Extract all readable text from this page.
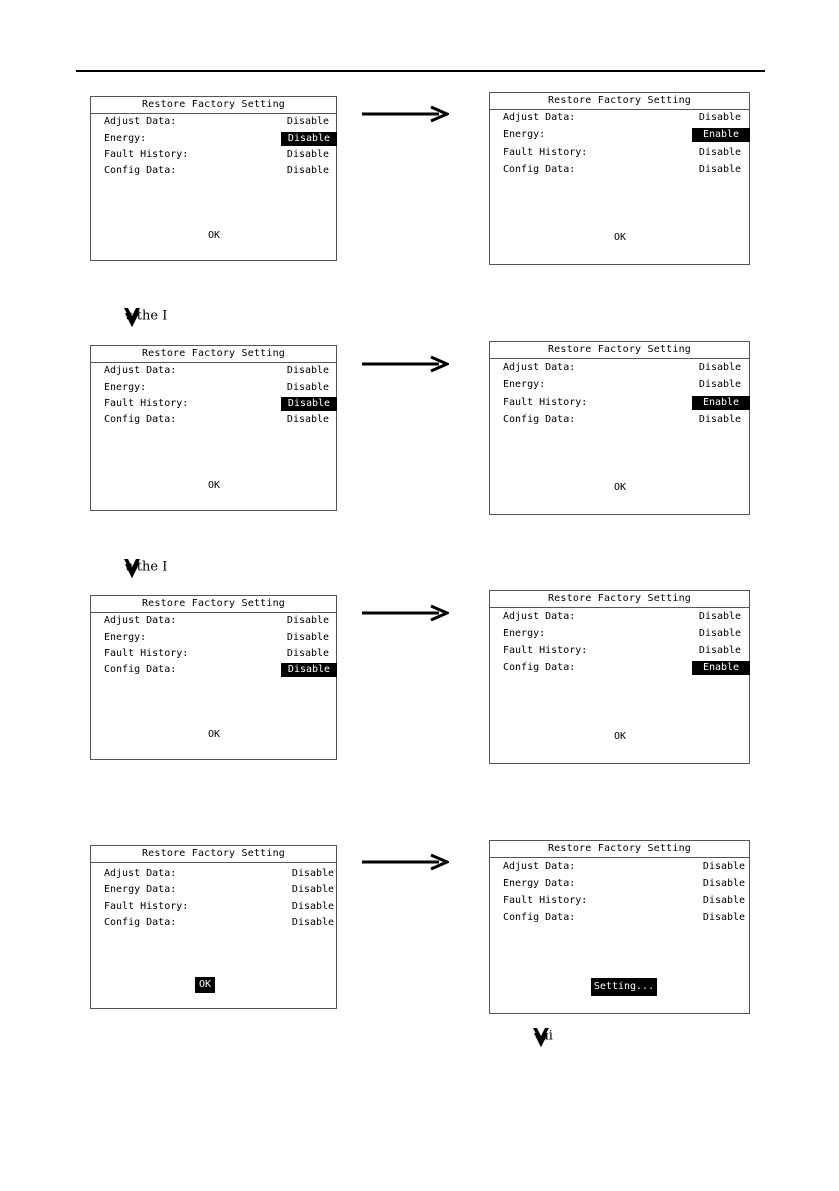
Restore Factory Setting
Adjust Data:	Disable
Energy:	Disable
Fault History:	Disable
Config Data:	Disable
OK
Restore Factory Setting
Adjust Data:	Disable
Energy:	Enable
Fault History:	Disable
Config Data:	Disable
OK
s the I
Restore Factory Setting
Adjust Data:	Disable
Energy:	Disable
Fault History:	Disable
Config Data:	Disable
OK
Restore Factory Setting
Adjust Data:	Disable
Energy:	Disable
Fault History:	Enable
Config Data:	Disable
OK
s the I
Restore Factory Setting
Adjust Data:	Disable
Energy:	Disable
Fault History:	Disable
Config Data:	Disable
OK
Restore Factory Setting
Adjust Data:	Disable
Energy:	Disable
Fault History:	Disable
Config Data:	Enable
OK
Restore Factory Setting
Adjust Data:	Disable
Energy Data:	Disable
Fault History:	Disable
Config Data:	Disable
OK
Restore Factory Setting
Adjust Data:	Disable
Energy Data:	Disable
Fault History:	Disable
Config Data:	Disable
Setting...
ai
